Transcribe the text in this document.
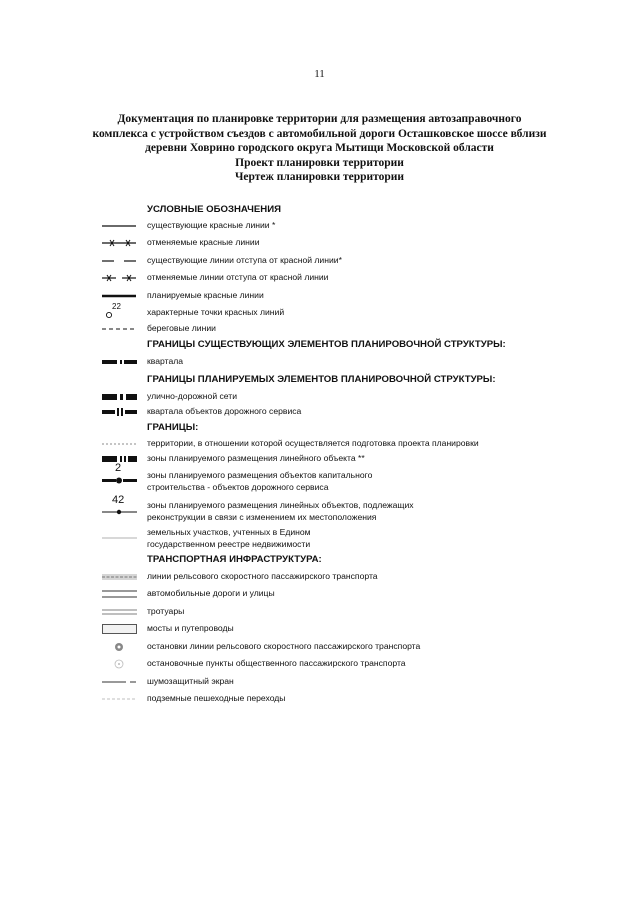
11
Документация по планировке территории для размещения автозаправочного
комплекса с устройством съездов с автомобильной дороги Осташковское шоссе вблизи
деревни Ховрино городского округа Мытищи Московской области
Проект планировки территории
Чертеж планировки территории
УСЛОВНЫЕ ОБОЗНАЧЕНИЯ
существующие красные линии *
отменяемые красные линии
существующие линии отступа от красной линии*
отменяемые линии отступа от красной линии
планируемые красные линии
22
характерные точки красных линий
береговые линии
ГРАНИЦЫ СУЩЕСТВУЮЩИХ ЭЛЕМЕНТОВ ПЛАНИРОВОЧНОЙ СТРУКТУРЫ:
квартала
ГРАНИЦЫ ПЛАНИРУЕМЫХ ЭЛЕМЕНТОВ ПЛАНИРОВОЧНОЙ СТРУКТУРЫ:
улично-дорожной сети
квартала объектов дорожного сервиса
ГРАНИЦЫ:
территории, в отношении которой осуществляется подготовка проекта планировки
зоны планируемого размещения линейного объекта **
2
зоны планируемого размещения объектов капитального
строительства - объектов дорожного сервиса
42	зоны планируемого размещения линейных объектов, подлежащих
реконструкции в связи с изменением их местоположения
земельных участков, учтенных в Едином
государственном реестре недвижимости
ТРАНСПОРТНАЯ ИНФРАСТРУКТУРА:
линии рельсового скоростного пассажирского транспорта
автомобильные дороги и улицы
тротуары
мосты и путепроводы
остановки линии рельсового скоростного пассажирского транспорта
остановочные пункты общественного пассажирского транспорта
шумозащитный экран
подземные пешеходные переходы
